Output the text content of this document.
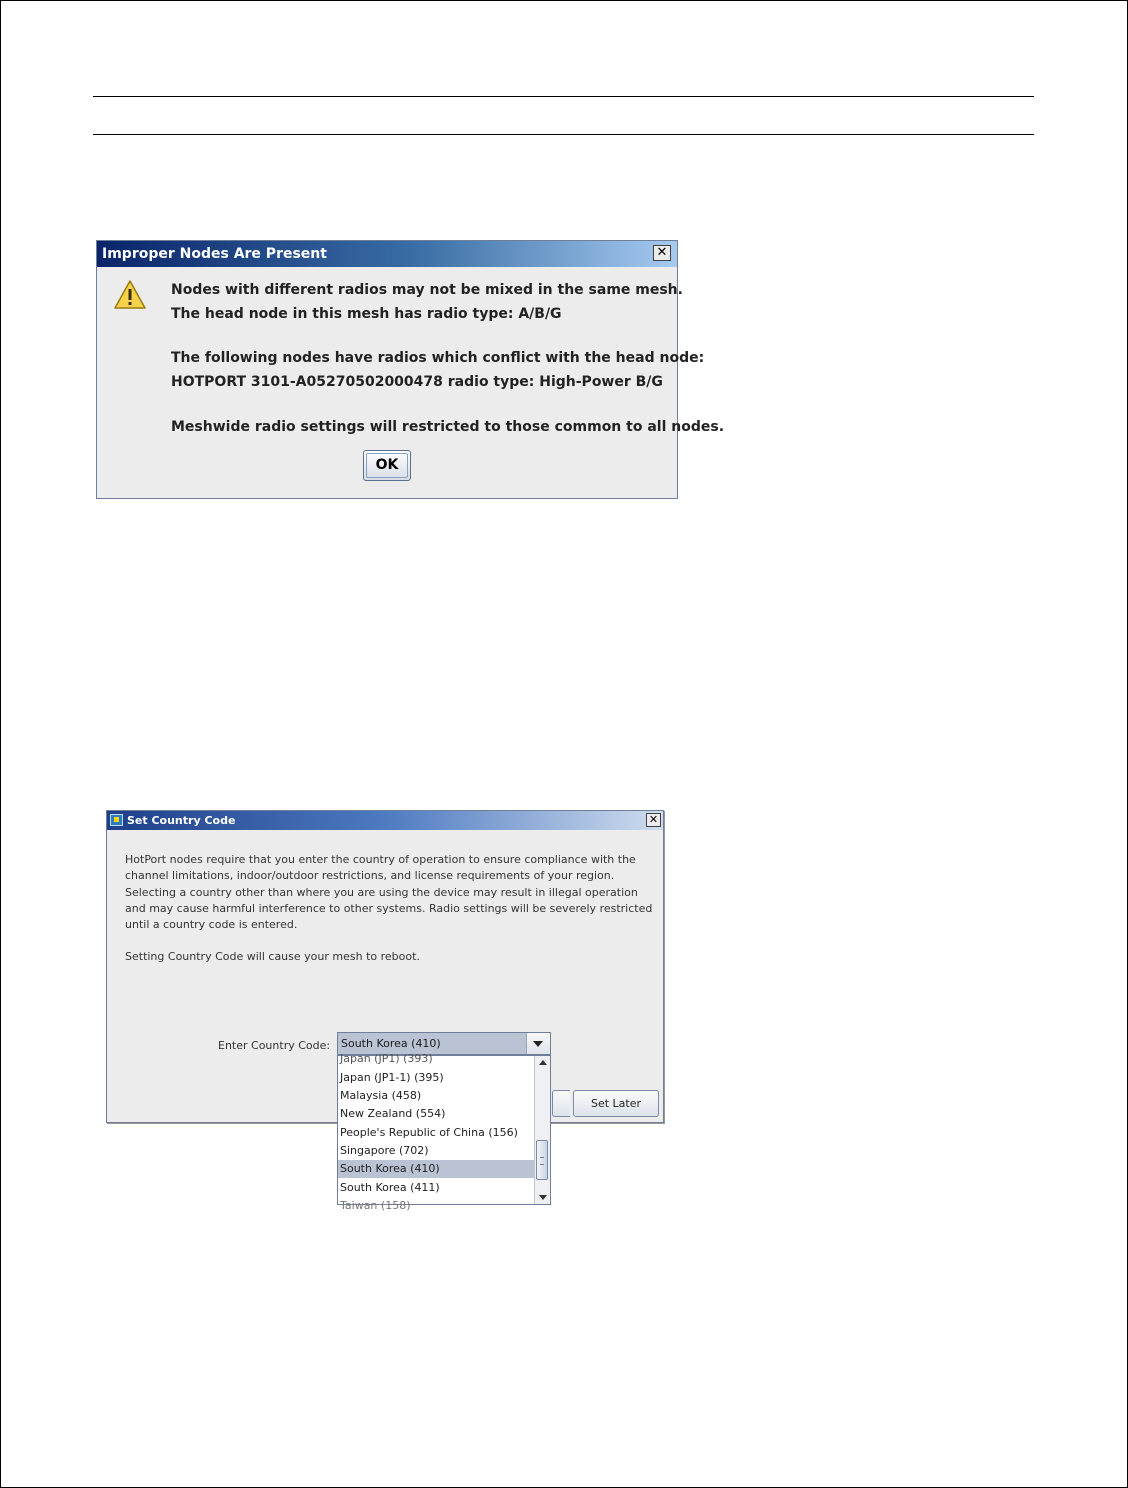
Improper Nodes Are Present	✕
Nodes with different radios may not be mixed in the same mesh.
The head node in this mesh has radio type: A/B/G
The following nodes have radios which conflict with the head node:
HOTPORT 3101-A05270502000478 radio type: High-Power B/G
Meshwide radio settings will restricted to those common to all nodes.
OK
Set Country Code	✕
HotPort nodes require that you enter the country of operation to ensure compliance with the channel limitations, indoor/outdoor restrictions, and license requirements of your region. Selecting a country other than where you are using the device may result in illegal operation and may cause harmful interference to other systems. Radio settings will be severely restricted until a country code is entered.
Setting Country Code will cause your mesh to reboot.
Enter Country Code:
Set Later
South Korea (410)
Japan (JP1) (393)
Japan (JP1-1) (395)
Malaysia (458)
New Zealand (554)
People's Republic of China (156)
Singapore (702)
South Korea (410)
South Korea (411)
Taiwan (158)
